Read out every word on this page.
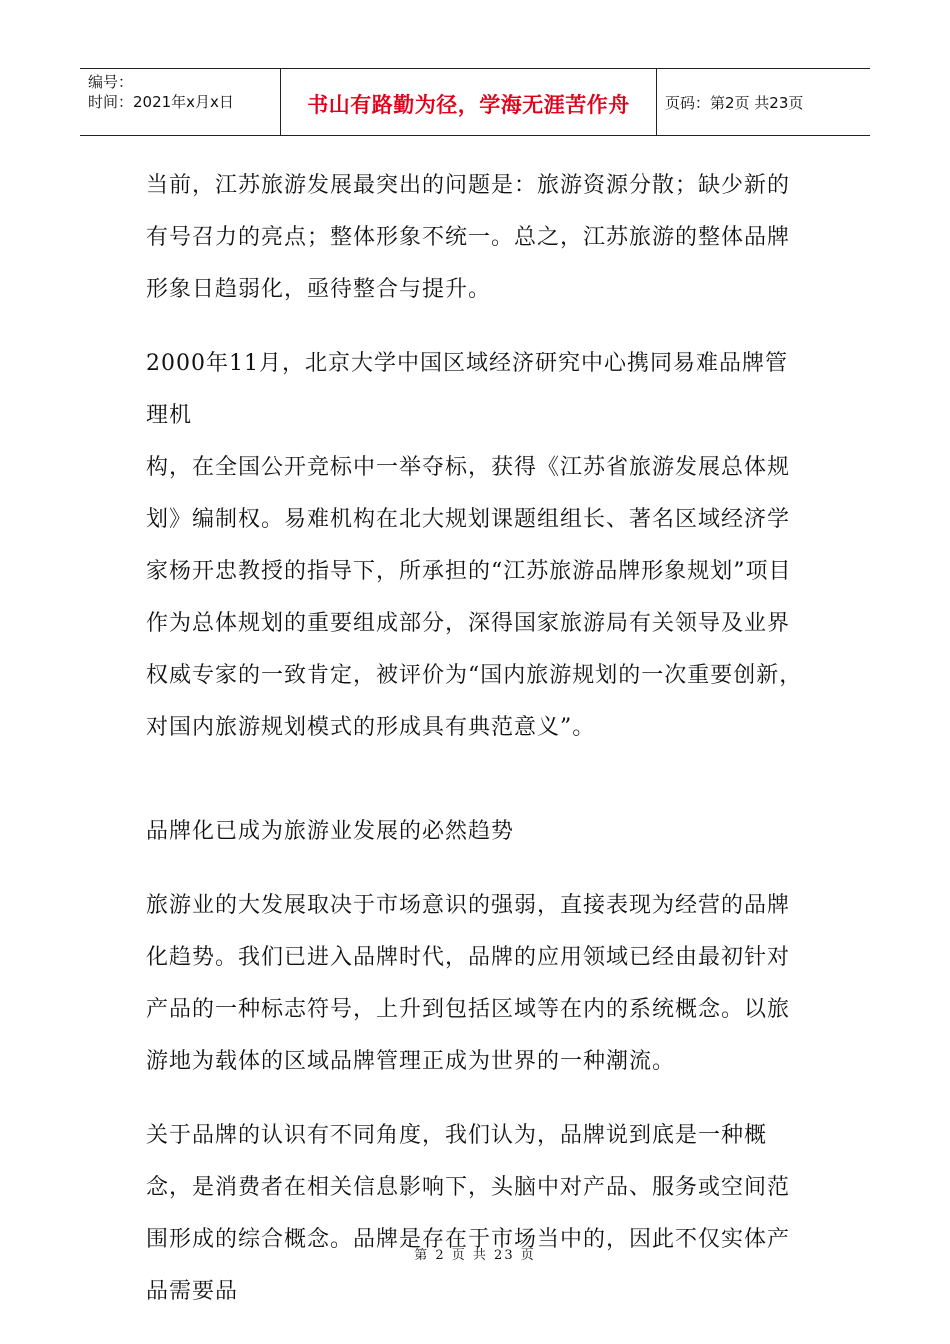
编号：
时间：2021年x月x日	书山有路勤为径，学海无涯苦作舟 页码：第2页 共23页

当前，江苏旅游发展最突出的问题是：旅游资源分散；缺少新的有号召力的亮点；整体形象不统一。总之，江苏旅游的整体品牌形象日趋弱化，亟待整合与提升。

2000年11月，北京大学中国区域经济研究中心携同易难品牌管理机
构，在全国公开竞标中一举夺标，获得《江苏省旅游发展总体规
划》编制权。易难机构在北大规划课题组组长、著名区域经济学家杨开忠教授的指导下，所承担的“江苏旅游品牌形象规划”项目作为总体规划的重要组成部分，深得国家旅游局有关领导及业界权威专家的一致肯定，被评价为“国内旅游规划的一次重要创新，对国内旅游规划模式的形成具有典范意义”。

品牌化已成为旅游业发展的必然趋势

旅游业的大发展取决于市场意识的强弱，直接表现为经营的品牌化趋势。我们已进入品牌时代，品牌的应用领域已经由最初针对产品的一种标志符号，上升到包括区域等在内的系统概念。以旅游地为载体的区域品牌管理正成为世界的一种潮流。

关于品牌的认识有不同角度，我们认为，品牌说到底是一种概念，是消费者在相关信息影响下，头脑中对产品、服务或空间范围形成的综合概念。品牌是存在于市场当中的，因此不仅实体产品需要品

第 2 页 共 23 页
